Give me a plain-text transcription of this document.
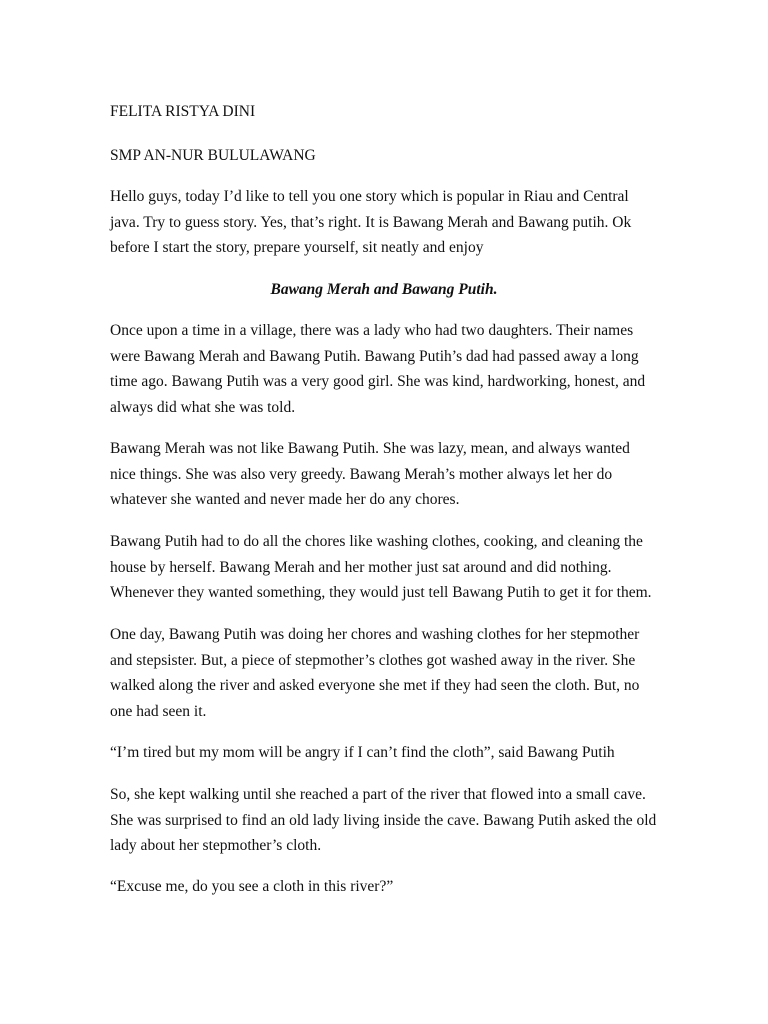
FELITA RISTYA DINI
SMP AN-NUR BULULAWANG
Hello guys, today I’d like to tell you one story which is popular in Riau and Central
java. Try to guess story. Yes, that’s right. It is Bawang Merah and Bawang putih. Ok
before I start the story, prepare yourself, sit neatly and enjoy
Bawang Merah and Bawang Putih.
Once upon a time in a village, there was a lady who had two daughters. Their names
were Bawang Merah and Bawang Putih. Bawang Putih’s dad had passed away a long
time ago. Bawang Putih was a very good girl. She was kind, hardworking, honest, and
always did what she was told.
Bawang Merah was not like Bawang Putih. She was lazy, mean, and always wanted
nice things. She was also very greedy. Bawang Merah’s mother always let her do
whatever she wanted and never made her do any chores.
Bawang Putih had to do all the chores like washing clothes, cooking, and cleaning the
house by herself. Bawang Merah and her mother just sat around and did nothing.
Whenever they wanted something, they would just tell Bawang Putih to get it for them.
One day, Bawang Putih was doing her chores and washing clothes for her stepmother
and stepsister. But, a piece of stepmother’s clothes got washed away in the river. She
walked along the river and asked everyone she met if they had seen the cloth. But, no
one had seen it.
“I’m tired but my mom will be angry if I can’t find the cloth”, said Bawang Putih
So, she kept walking until she reached a part of the river that flowed into a small cave.
She was surprised to find an old lady living inside the cave. Bawang Putih asked the old
lady about her stepmother’s cloth.
“Excuse me, do you see a cloth in this river?”
